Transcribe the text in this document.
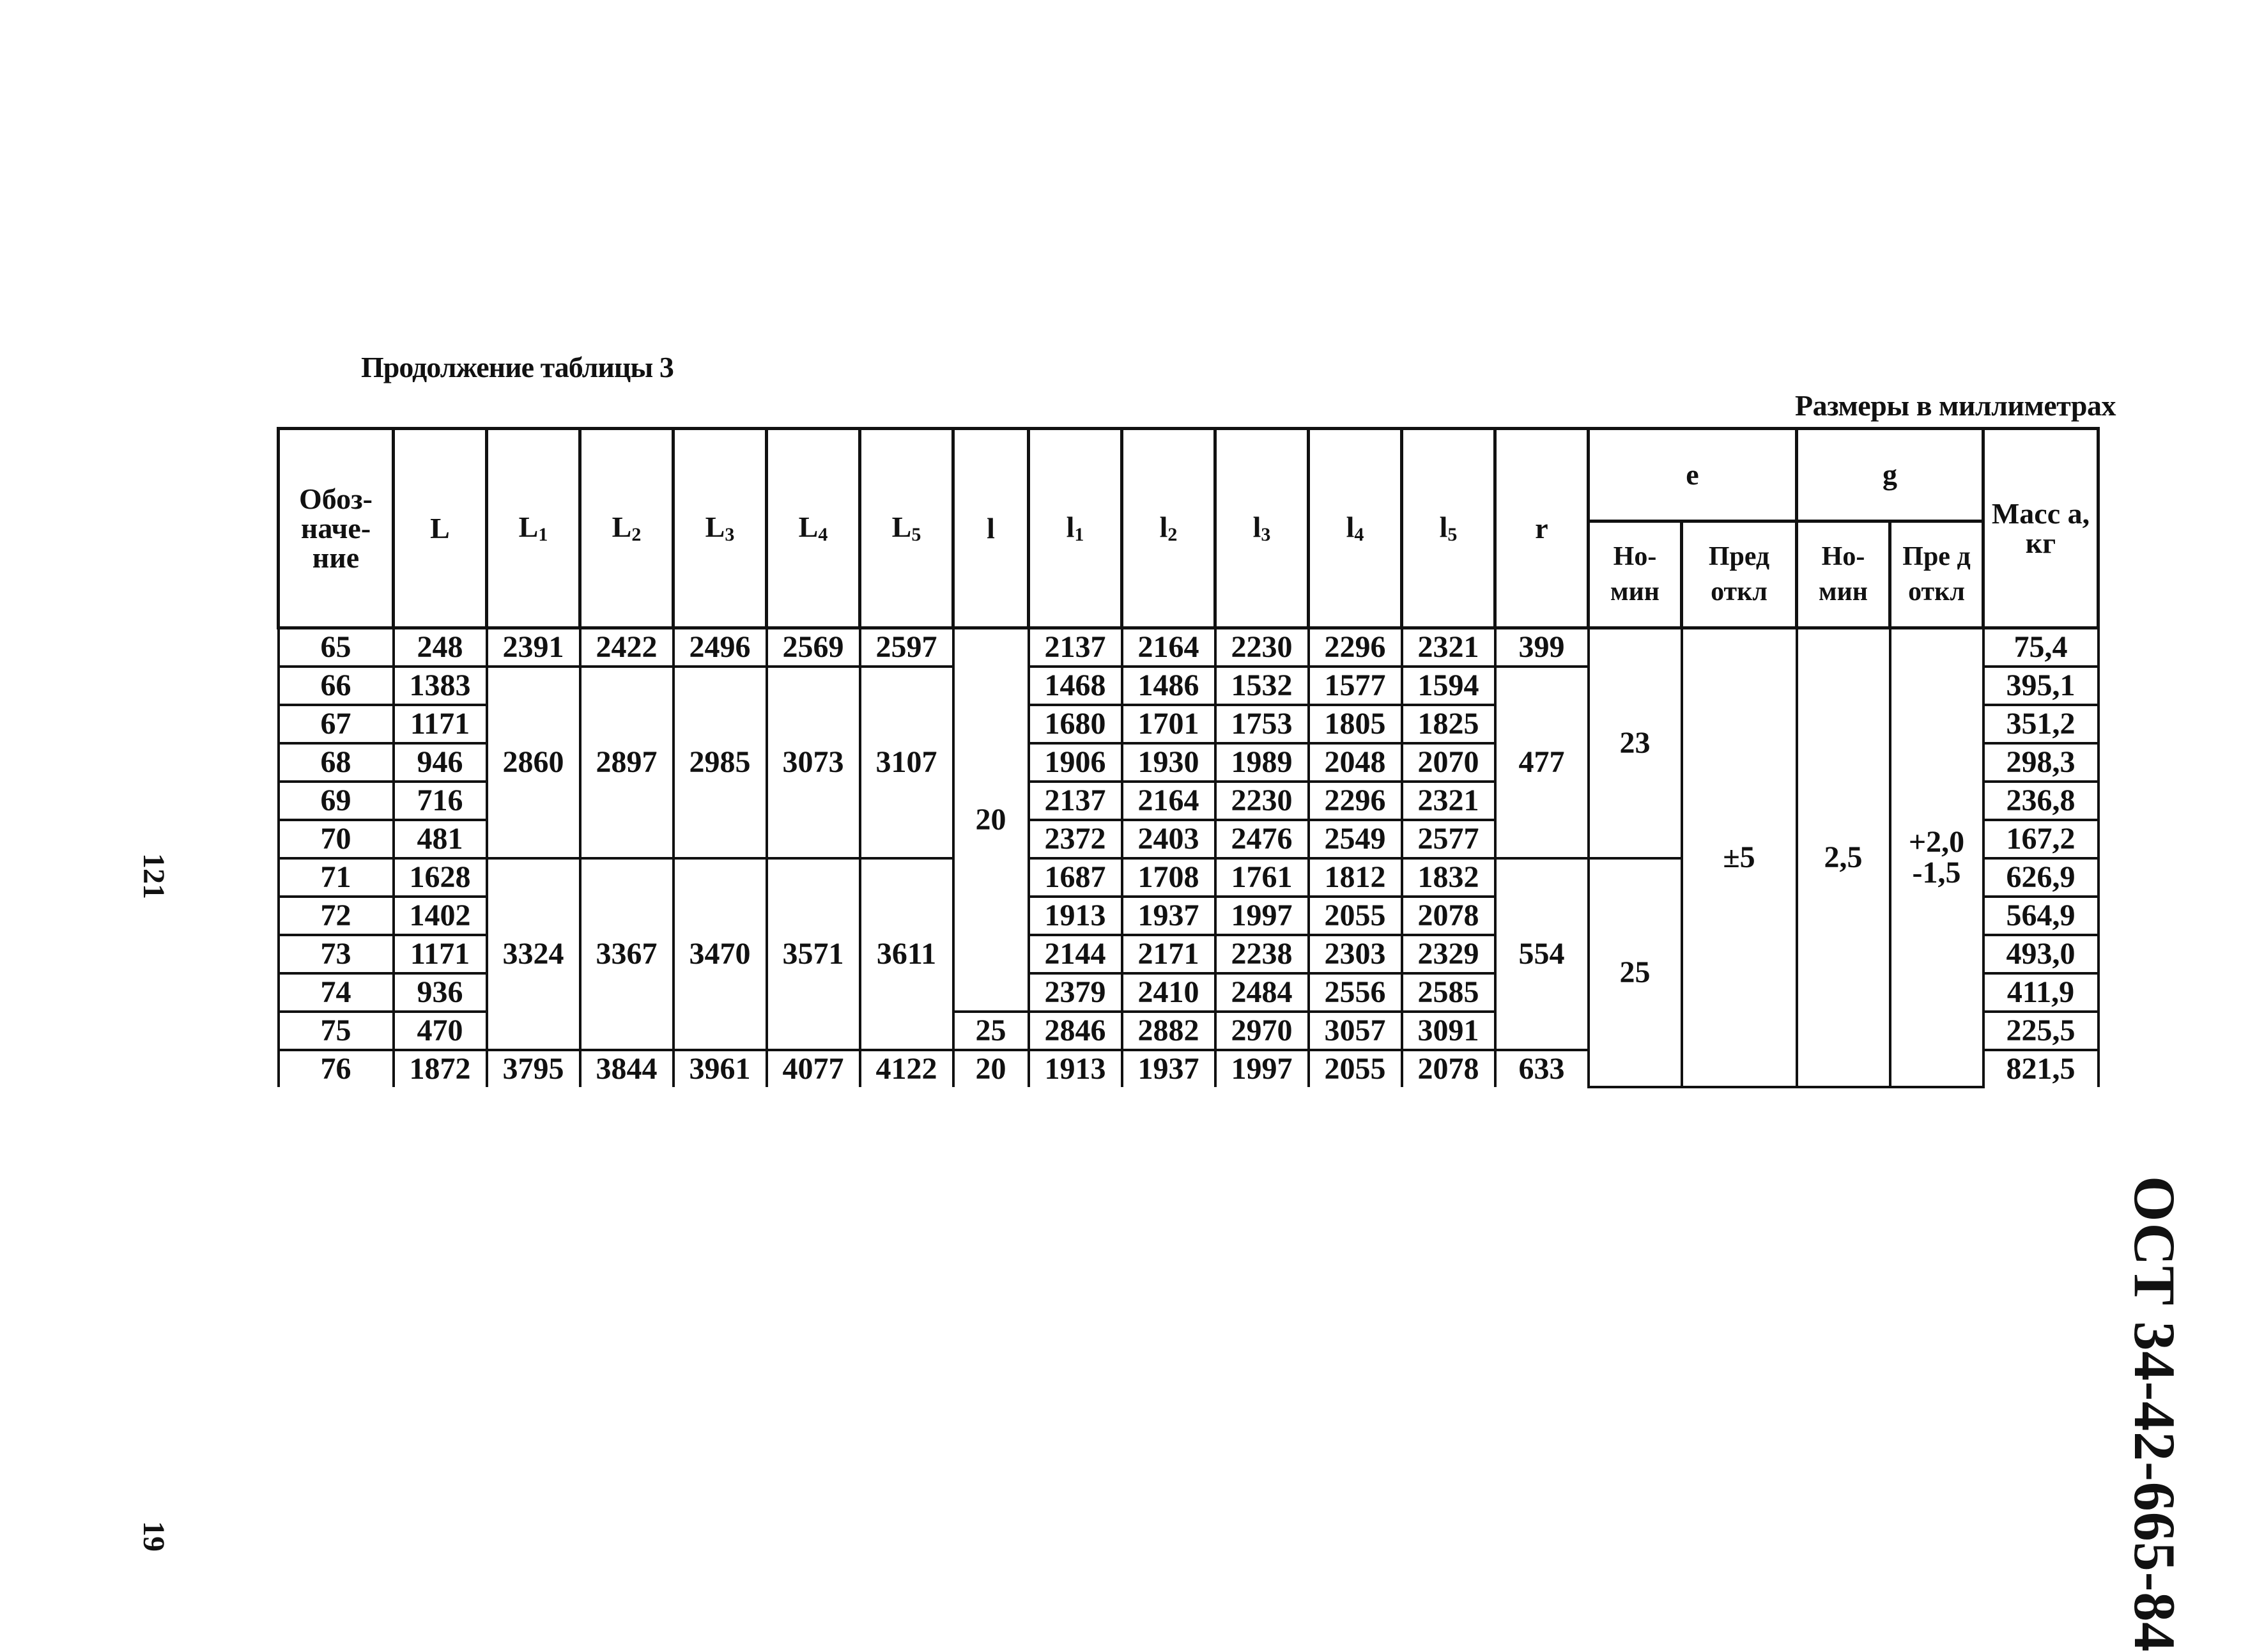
Продолжение таблицы 3
Размеры в миллиметрах
121
19	ОСТ 34-42-665-84
Обоз-наче-ние	L	$L_1$	$L_2$	$L_3$	$L_4$	$L_5$	l	$l_1$	$l_2$	$l_3$	$l_4$	$l_5$	r	e		g		Масс а, кг
														Но-мин	Пред откл	Но-мин	Пре д откл	
65	248	2391	2422	2496	2569	2597	20	2137	2164	2230	2296	2321	399	23	±5	2,5	+2,0
-1,5	75,4
66	1383	2860	2897	2985	3073	3107		1468	1486	1532	1577	1594	477					395,1
67	1171							1680	1701	1753	1805	1825						351,2
68	946							1906	1930	1989	2048	2070						298,3
69	716							2137	2164	2230	2296	2321						236,8
70	481							2372	2403	2476	2549	2577						167,2
71	1628	3324	3367	3470	3571	3611		1687	1708	1761	1812	1832	554	25				626,9
72	1402							1913	1937	1997	2055	2078						564,9
73	1171							2144	2171	2238	2303	2329						493,0
74	936							2379	2410	2484	2556	2585						411,9
75	470						25	2846	2882	2970	3057	3091						225,5
76	1872	3795	3844	3961	4077	4122	20	1913	1937	1997	2055	2078	633					821,5
